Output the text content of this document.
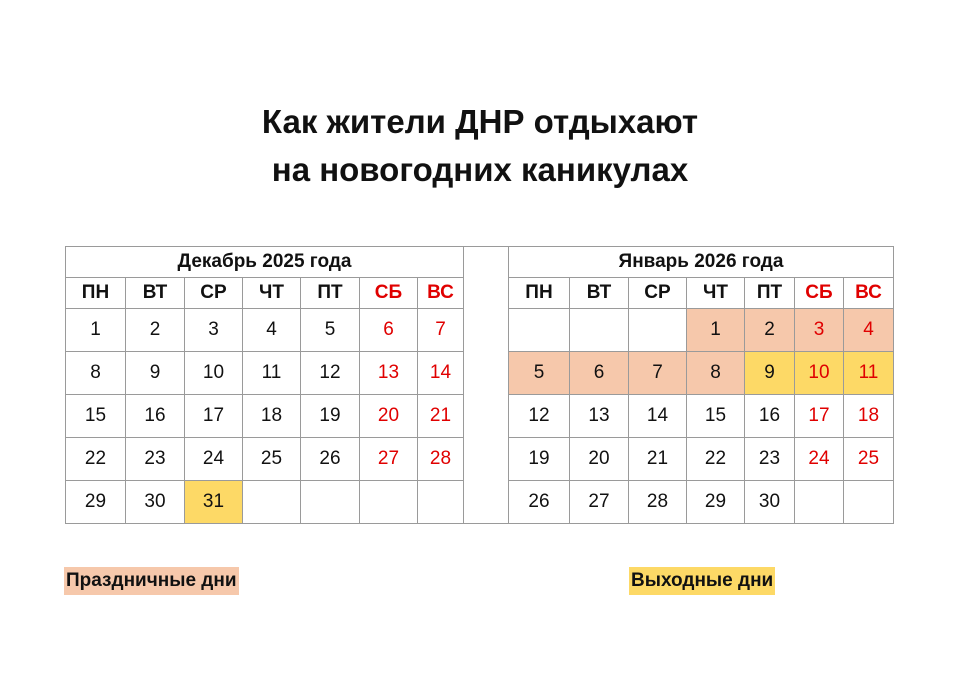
Как жители ДНР отдыхают
на новогодних каникулах
Декабрь 2025 года								Январь 2026 года						
ПН	ВТ	СР	ЧТ	ПТ	СБ	ВС		ПН	ВТ	СР	ЧТ	ПТ	СБ	ВС
1	2	3	4	5	6	7					1	2	3	4
8	9	10	11	12	13	14		5	6	7	8	9	10	11
15	16	17	18	19	20	21		12	13	14	15	16	17	18
22	23	24	25	26	27	28		19	20	21	22	23	24	25
29	30	31						26	27	28	29	30		
Праздничные дни	Выходные дни
